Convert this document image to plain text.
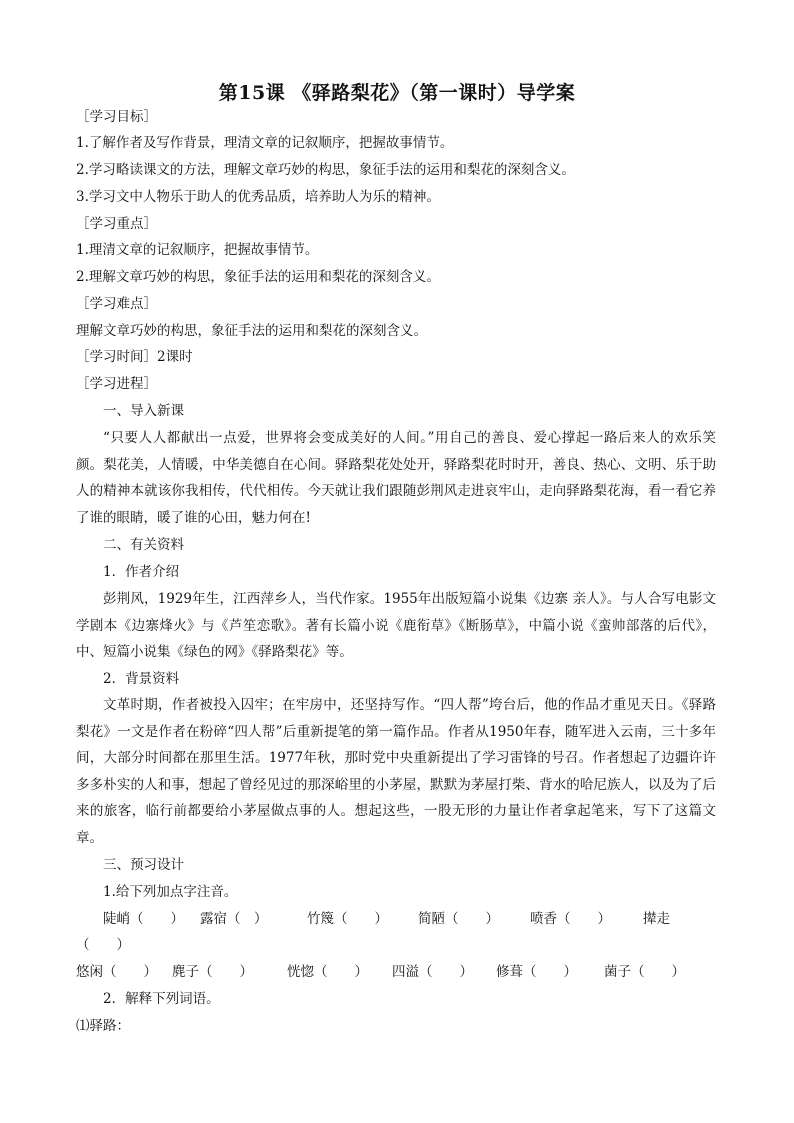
第15课 《驿路梨花》（第一课时）导学案
［学习目标］
1.了解作者及写作背景，理清文章的记叙顺序，把握故事情节。
2.学习略读课文的方法，理解文章巧妙的构思，象征手法的运用和梨花的深刻含义。
3.学习文中人物乐于助人的优秀品质，培养助人为乐的精神。
［学习重点］
1.理清文章的记叙顺序，把握故事情节。
2.理解文章巧妙的构思，象征手法的运用和梨花的深刻含义。
［学习难点］
理解文章巧妙的构思，象征手法的运用和梨花的深刻含义。
［学习时间］2课时
［学习进程］
一、导入新课
“只要人人都献出一点爱，世界将会变成美好的人间。”用自己的善良、爱心撑起一路后来人的欢乐笑颜。梨花美，人情暖，中华美德自在心间。驿路梨花处处开，驿路梨花时时开，善良、热心、文明、乐于助人的精神本就该你我相传，代代相传。今天就让我们跟随彭荆风走进哀牢山，走向驿路梨花海，看一看它养了谁的眼睛，暖了谁的心田，魅力何在!
二、有关资料
1．作者介绍
彭荆风，1929年生，江西萍乡人，当代作家。1955年出版短篇小说集《边寨 亲人》。与人合写电影文学剧本《边寨烽火》与《芦笙恋歌》。著有长篇小说《鹿衔草》《断肠草》，中篇小说《蛮帅部落的后代》，中、短篇小说集《绿色的网》《驿路梨花》等。
2．背景资料
文革时期，作者被投入囚牢；在牢房中，还坚持写作。“四人帮”垮台后，他的作品才重见天日。《驿路梨花》一文是作者在粉碎“四人帮”后重新提笔的第一篇作品。作者从1950年春，随军进入云南，三十多年间，大部分时间都在那里生活。1977年秋，那时党中央重新提出了学习雷锋的号召。作者想起了边疆许许多多朴实的人和事，想起了曾经见过的那深峪里的小茅屋，默默为茅屋打柴、背水的哈尼族人，以及为了后来的旅客，临行前都要给小茅屋做点事的人。想起这些，一股无形的力量让作者拿起笔来，写下了这篇文章。
三、预习设计
1.给下列加点字注音。
陡峭（　　） 露宿（　）	竹篾（　　） 简陋（　　） 喷香（　　） 撵走
（　　）
悠闲（　　） 麂子（　　）	恍惚（　　） 四溢（　　） 修葺（　　） 菌子（　　）
2．解释下列词语。
⑴驿路：
